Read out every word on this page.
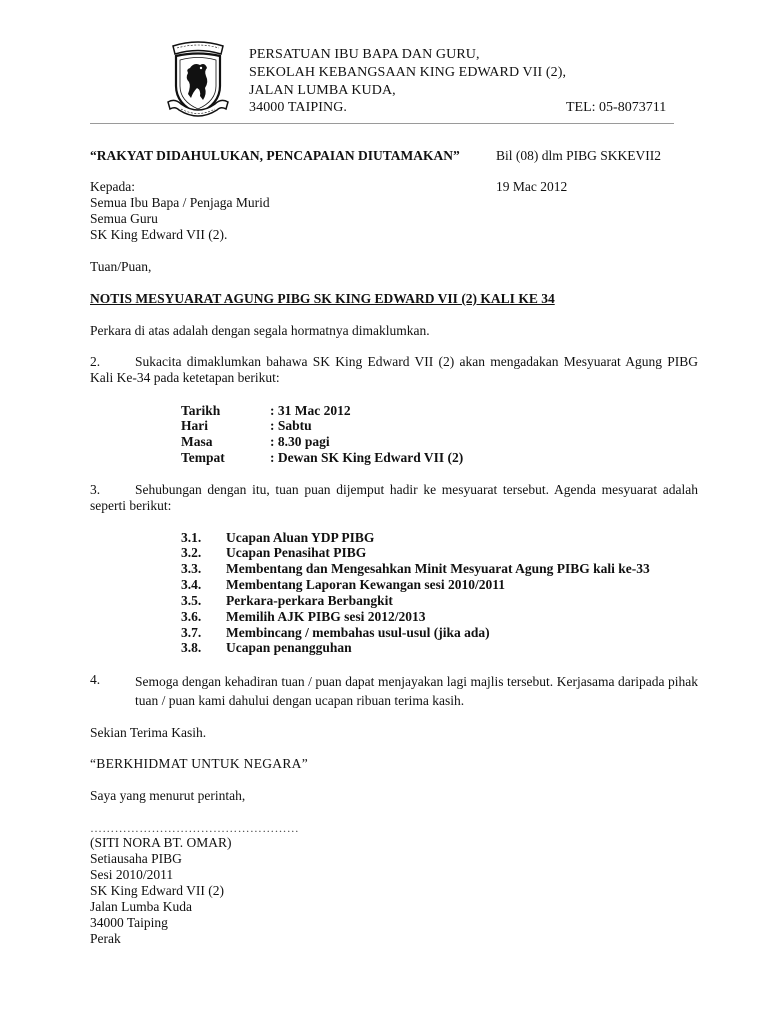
PERSATUAN IBU BAPA DAN GURU,
SEKOLAH KEBANGSAAN KING EDWARD VII (2),
JALAN LUMBA KUDA,
34000 TAIPING.	TEL: 05-8073711
“RAKYAT DIDAHULUKAN, PENCAPAIAN DIUTAMAKAN”	Bil (08) dlm PIBG SKKEVII2
Kepada:	19 Mac 2012
Semua Ibu Bapa / Penjaga Murid
Semua Guru
SK King Edward VII (2).
Tuan/Puan,
NOTIS MESYUARAT AGUNG PIBG SK KING EDWARD VII (2) KALI KE 34
Perkara di atas adalah dengan segala hormatnya dimaklumkan.
2.	Sukacita dimaklumkan bahawa SK King Edward VII (2) akan mengadakan Mesyuarat Agung PIBG Kali Ke-34 pada ketetapan berikut:
Tarikh	: 31 Mac 2012
Hari	: Sabtu
Masa	: 8.30 pagi
Tempat	: Dewan SK King Edward VII (2)
3.	Sehubungan dengan itu, tuan puan dijemput hadir ke mesyuarat tersebut. Agenda mesyuarat adalah seperti berikut:
3.1. Ucapan Aluan YDP PIBG
3.2. Ucapan Penasihat PIBG
3.3. Membentang dan Mengesahkan Minit Mesyuarat Agung PIBG kali ke-33
3.4. Membentang Laporan Kewangan sesi 2010/2011
3.5. Perkara-perkara Berbangkit
3.6. Memilih AJK PIBG sesi 2012/2013
3.7. Membincang / membahas usul-usul (jika ada)
3.8. Ucapan penangguhan
4.	Semoga dengan kehadiran tuan / puan dapat menjayakan lagi majlis tersebut. Kerjasama daripada pihak tuan / puan kami dahului dengan ucapan ribuan terima kasih.
Sekian Terima Kasih.
“BERKHIDMAT UNTUK NEGARA”
Saya yang menurut perintah,
……………………………………………
(SITI NORA BT. OMAR)
Setiausaha PIBG
Sesi 2010/2011
SK King Edward VII (2)
Jalan Lumba Kuda
34000 Taiping
Perak
